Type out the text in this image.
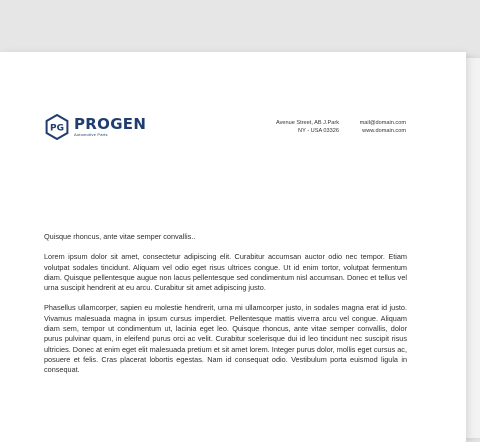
PG PROGEN
Automotive Parts
Avenue Street, AB J.Park
NY - USA 03326
mail@domain.com
www.domain.com

Quisque rhoncus, ante vitae semper convallis..

Lorem ipsum dolor sit amet, consectetur adipiscing elit. Curabitur accumsan auctor odio nec tempor. Etiam volutpat sodales tincidunt. Aliquam vel odio eget risus ultrices congue. Ut id enim tortor, volutpat fermentum diam. Quisque pellentesque augue non lacus pellentesque sed condimentum nisl accumsan. Donec et tellus vel urna suscipit hendrerit at eu arcu. Curabitur sit amet adipiscing justo.

Phasellus ullamcorper, sapien eu molestie hendrerit, urna mi ullamcorper justo, in sodales magna erat id justo. Vivamus malesuada magna in ipsum cursus imperdiet. Pellentesque mattis viverra arcu vel congue. Aliquam diam sem, tempor ut condimentum ut, lacinia eget leo. Quisque rhoncus, ante vitae semper convallis, dolor purus pulvinar quam, in eleifend purus orci ac velit. Curabitur scelerisque dui id leo tincidunt nec suscipit risus ultricies. Donec at enim eget elit malesuada pretium et sit amet lorem. Integer purus dolor, mollis eget cursus ac, posuere et felis. Cras placerat lobortis egestas. Nam id consequat odio. Vestibulum porta euismod ligula in consequat.
